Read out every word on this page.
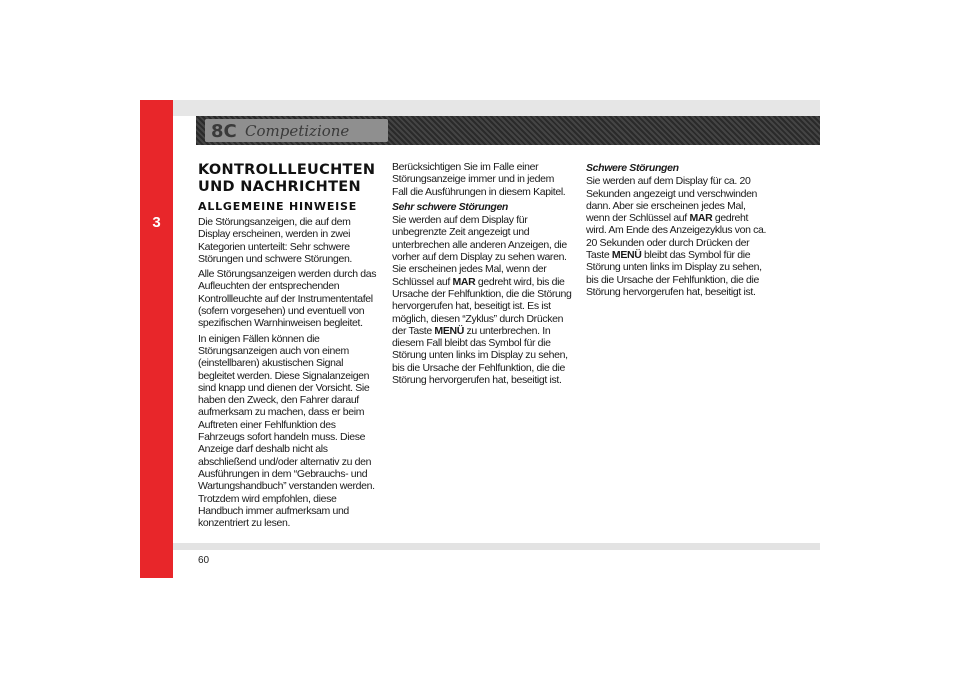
3
8C Competizione
KONTROLLLEUCHTEN
UND NACHRICHTEN
ALLGEMEINE HINWEISE

Die Störungsanzeigen, die auf dem Display erscheinen, werden in zwei Kategorien unterteilt: Sehr schwere Störungen und schwere Störungen.

Alle Störungsanzeigen werden durch das Aufleuchten der entsprechenden Kontrollleuchte auf der Instrumententafel (sofern vorgesehen) und eventuell von spezifischen Warnhinweisen begleitet.

In einigen Fällen können die Störungsanzeigen auch von einem (einstellbaren) akustischen Signal begleitet werden. Diese Signalanzeigen sind knapp und dienen der Vorsicht. Sie haben den Zweck, den Fahrer darauf aufmerksam zu machen, dass er beim Auftreten einer Fehlfunktion des Fahrzeugs sofort handeln muss. Diese Anzeige darf deshalb nicht als abschließend und/oder alternativ zu den Ausführungen in dem “Gebrauchs- und Wartungshandbuch” verstanden werden. Trotzdem wird empfohlen, diese Handbuch immer aufmerksam und konzentriert zu lesen.

Berücksichtigen Sie im Falle einer Störungsanzeige immer und in jedem Fall die Ausführungen in diesem Kapitel.

Sehr schwere Störungen

Sie werden auf dem Display für unbegrenzte Zeit angezeigt und unterbrechen alle anderen Anzeigen, die vorher auf dem Display zu sehen waren. Sie erscheinen jedes Mal, wenn der Schlüssel auf MAR gedreht wird, bis die Ursache der Fehlfunktion, die die Störung hervorgerufen hat, beseitigt ist. Es ist möglich, diesen “Zyklus” durch Drücken der Taste MENÜ zu unterbrechen. In diesem Fall bleibt das Symbol für die Störung unten links im Display zu sehen, bis die Ursache der Fehlfunktion, die die Störung hervorgerufen hat, beseitigt ist.

Schwere Störungen

Sie werden auf dem Display für ca. 20 Sekunden angezeigt und verschwinden dann. Aber sie erscheinen jedes Mal, wenn der Schlüssel auf MAR gedreht wird. Am Ende des Anzeigezyklus von ca. 20 Sekunden oder durch Drücken der Taste MENÜ bleibt das Symbol für die Störung unten links im Display zu sehen, bis die Ursache der Fehlfunktion, die die Störung hervorgerufen hat, beseitigt ist.

60
